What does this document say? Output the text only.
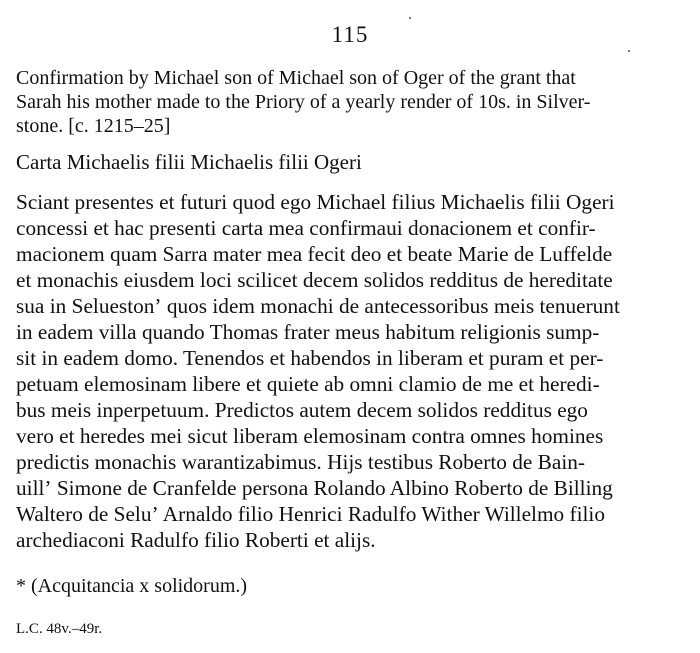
115
Confirmation by Michael son of Michael son of Oger of the grant that
Sarah his mother made to the Priory of a yearly render of 10s. in Silver-
stone. [c. 1215–25]
Carta Michaelis filii Michaelis filii Ogeri
Sciant presentes et futuri quod ego Michael filius Michaelis filii Ogeri
concessi et hac presenti carta mea confirmaui donacionem et confir-
macionem quam Sarra mater mea fecit deo et beate Marie de Luffelde
et monachis eiusdem loci scilicet decem solidos redditus de hereditate
sua in Seluestonʼ quos idem monachi de antecessoribus meis tenuerunt
in eadem villa quando Thomas frater meus habitum religionis sump-
sit in eadem domo. Tenendos et habendos in liberam et puram et per-
petuam elemosinam libere et quiete ab omni clamio de me et heredi-
bus meis inperpetuum. Predictos autem decem solidos redditus ego
vero et heredes mei sicut liberam elemosinam contra omnes homines
predictis monachis warantizabimus. Hijs testibus Roberto de Bain-
uillʼ Simone de Cranfelde persona Rolando Albino Roberto de Billing
Waltero de Seluʼ Arnaldo filio Henrici Radulfo Wither Willelmo filio
archediaconi Radulfo filio Roberti et alijs.
* (Acquitancia x solidorum.)
L.C. 48v.–49r.
